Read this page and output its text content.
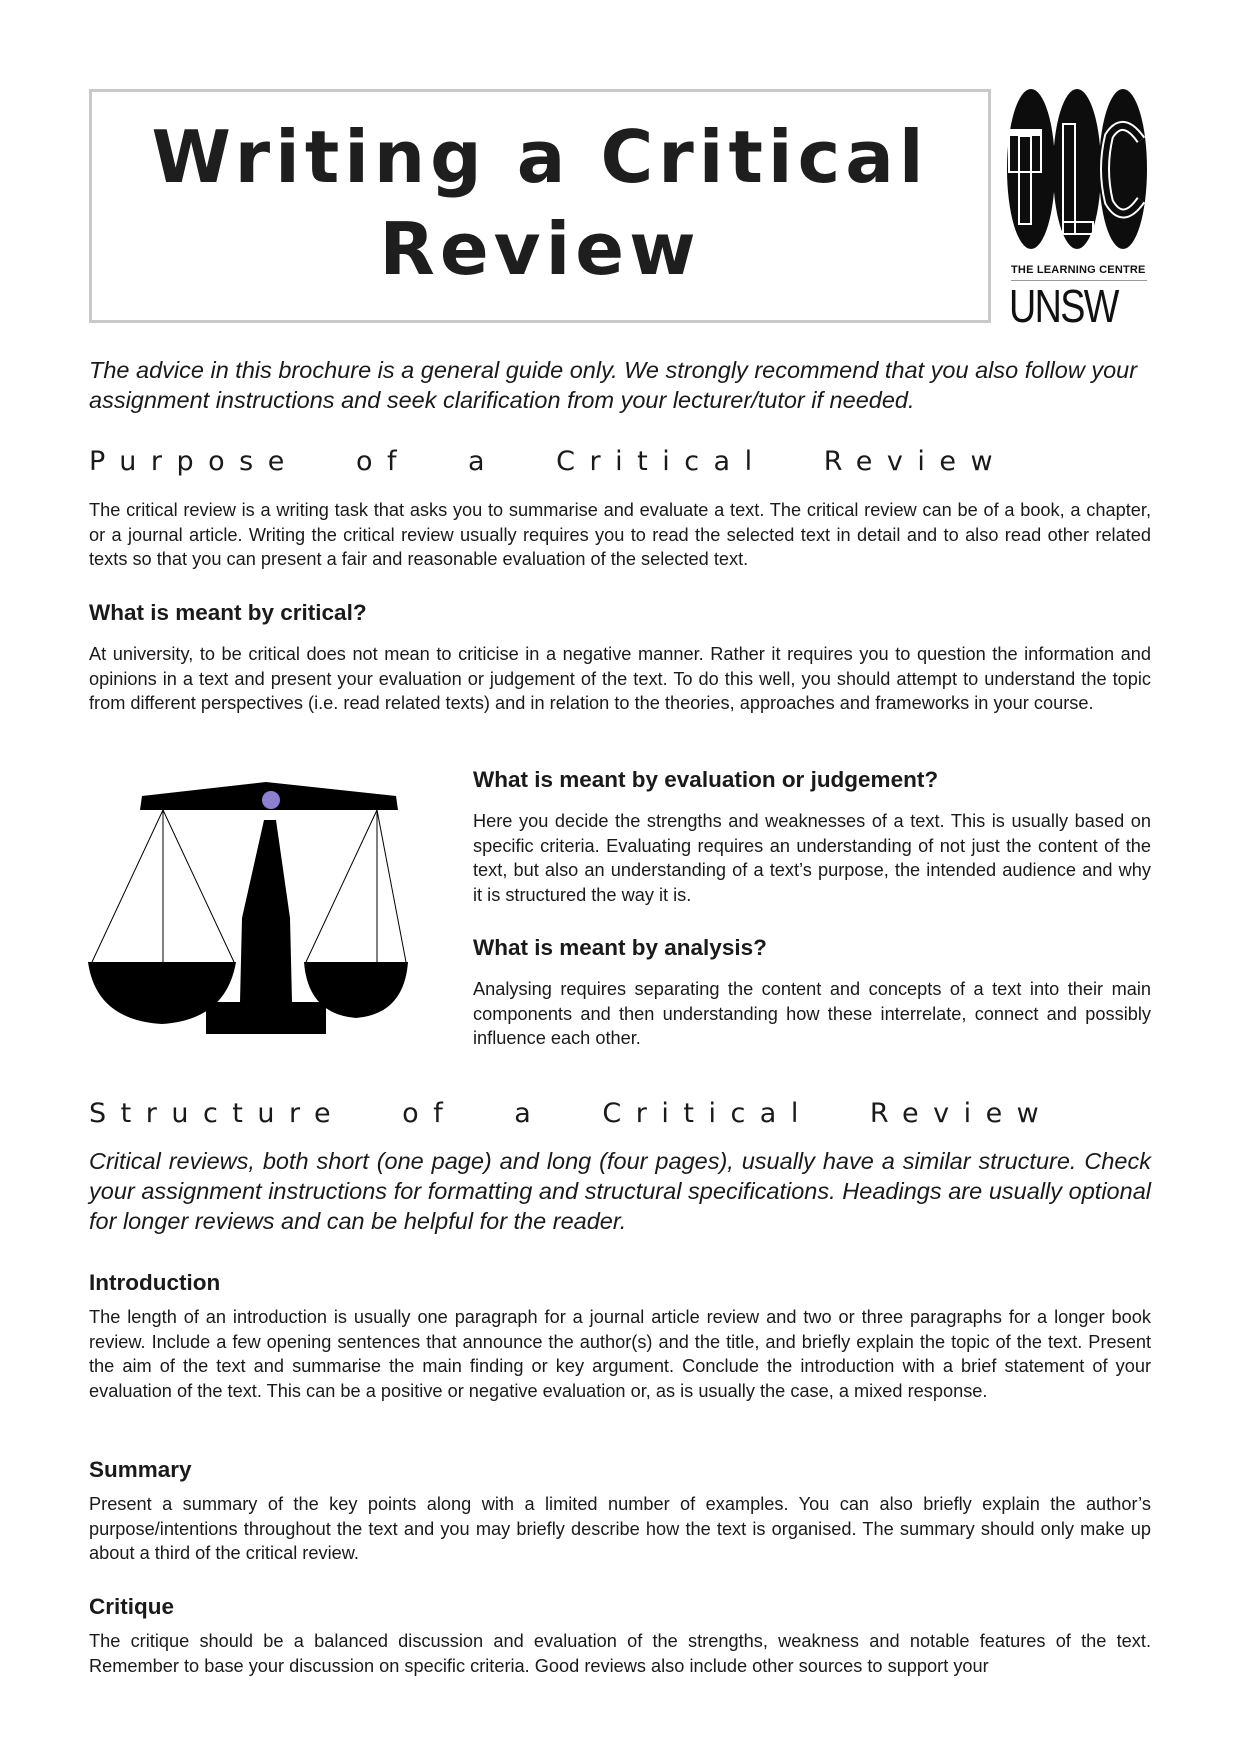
Writing a Critical
Review	THE LEARNING CENTRE
UNSW
The advice in this brochure is a general guide only. We strongly recommend that you also follow your assignment instructions and seek clarification from your lecturer/tutor if needed.
Purpose of a Critical Review

The critical review is a writing task that asks you to summarise and evaluate a text. The critical review can be of a book, a chapter, or a journal article. Writing the critical review usually requires you to read the selected text in detail and to also read other related texts so that you can present a fair and reasonable evaluation of the selected text.

What is meant by critical?

At university, to be critical does not mean to criticise in a negative manner. Rather it requires you to question the information and opinions in a text and present your evaluation or judgement of the text. To do this well, you should attempt to understand the topic from different perspectives (i.e. read related texts) and in relation to the theories, approaches and frameworks in your course.

What is meant by evaluation or judgement?

Here you decide the strengths and weaknesses of a text. This is usually based on specific criteria. Evaluating requires an understanding of not just the content of the text, but also an understanding of a text’s purpose, the intended audience and why it is structured the way it is.

What is meant by analysis?

Analysing requires separating the content and concepts of a text into their main components and then understanding how these interrelate, connect and possibly influence each other.

Structure of a Critical Review
Critical reviews, both short (one page) and long (four pages), usually have a similar structure. Check your assignment instructions for formatting and structural specifications. Headings are usually optional for longer reviews and can be helpful for the reader.
Introduction

The length of an introduction is usually one paragraph for a journal article review and two or three paragraphs for a longer book review. Include a few opening sentences that announce the author(s) and the title, and briefly explain the topic of the text. Present the aim of the text and summarise the main finding or key argument. Conclude the introduction with a brief statement of your evaluation of the text. This can be a positive or negative evaluation or, as is usually the case, a mixed response.

Summary

Present a summary of the key points along with a limited number of examples. You can also briefly explain the author’s purpose/intentions throughout the text and you may briefly describe how the text is organised. The summary should only make up about a third of the critical review.

Critique

The critique should be a balanced discussion and evaluation of the strengths, weakness and notable features of the text. Remember to base your discussion on specific criteria. Good reviews also include other sources to support your
